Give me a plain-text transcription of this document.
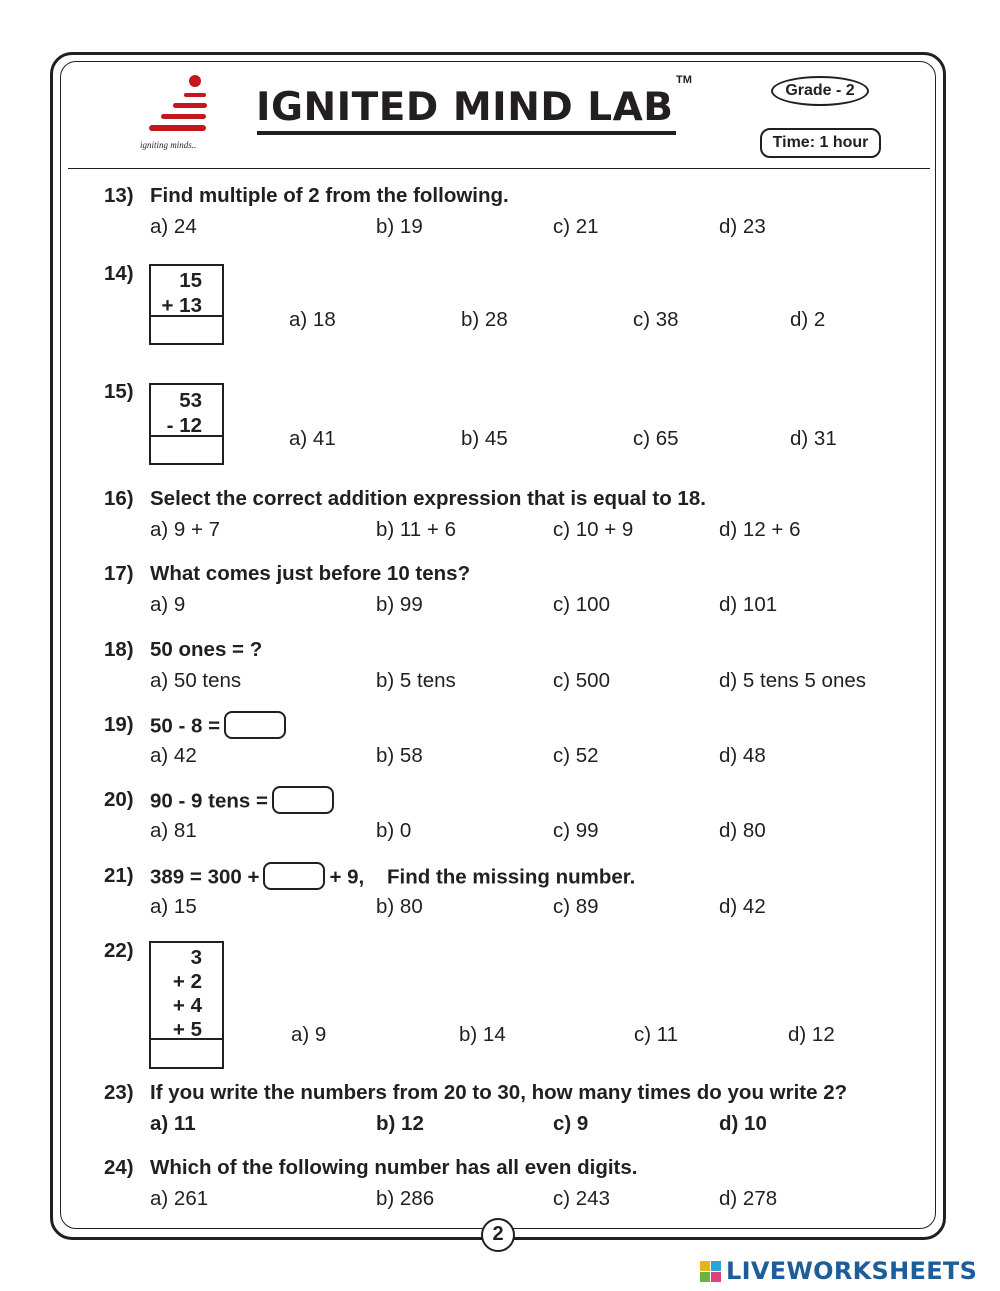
igniting minds..
IGNITED MIND LAB
TM
Grade - 2
Time: 1 hour
13) Find multiple of 2 from the following.
a) 24	b) 19	c) 21	d) 23
14) 15
+ 13
a) 18	b) 28	c) 38	d) 2
15) 53
- 12
a) 41	b) 45	c) 65	d) 31
16) Select the correct addition expression that is equal to 18.
a) 9 + 7	b) 11 + 6	c) 10 + 9	d) 12 + 6
17) What comes just before 10 tens?
a) 9	b) 99	c) 100	d) 101
18) 50 ones = ?
a) 50 tens	b) 5 tens	c) 500	d) 5 tens 5 ones
19) 50 - 8 =
a) 42	b) 58	c) 52	d) 48
20) 90 - 9 tens =
a) 81	b) 0	c) 99	d) 80
21) 389 = 300 +	+ 9, Find the missing number.
a) 15	b) 80	c) 89	d) 42
22)	3
+ 2
+ 4
+ 5	a) 9	b) 14	c) 11	d) 12
23) If you write the numbers from 20 to 30, how many times do you write 2?
a) 11	b) 12	c) 9	d) 10
24) Which of the following number has all even digits.
a) 261	b) 286	c) 243	d) 278
2
LIVEWORKSHEETS
